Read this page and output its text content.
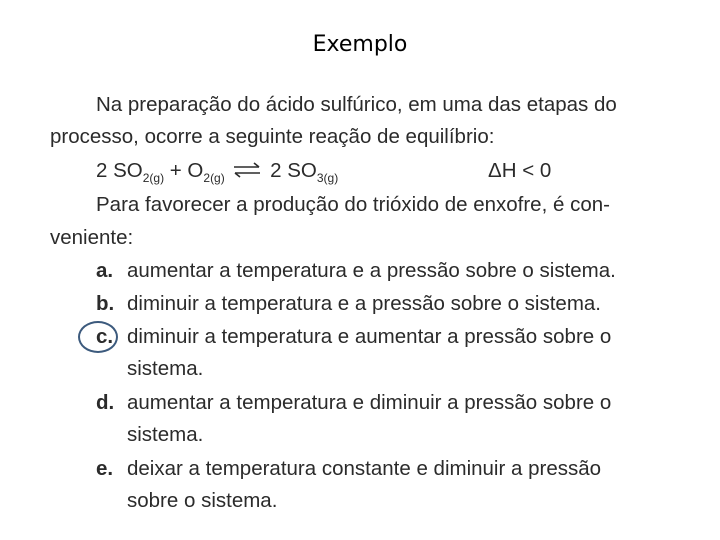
Exemplo
Na preparação do ácido sulfúrico, em uma das etapas do
processo, ocorre a seguinte reação de equilíbrio:
2 $SO_{2(g)} + O_{2(g)}$ ⇌ 2 $SO_{3(g)}$	ΔH < 0
Para favorecer a produção do trióxido de enxofre, é con-
veniente:
a. aumentar a temperatura e a pressão sobre o sistema.
b. diminuir a temperatura e a pressão sobre o sistema.
c. diminuir a temperatura e aumentar a pressão sobre o
sistema.
d. aumentar a temperatura e diminuir a pressão sobre o
sistema.
e. deixar a temperatura constante e diminuir a pressão
sobre o sistema.
